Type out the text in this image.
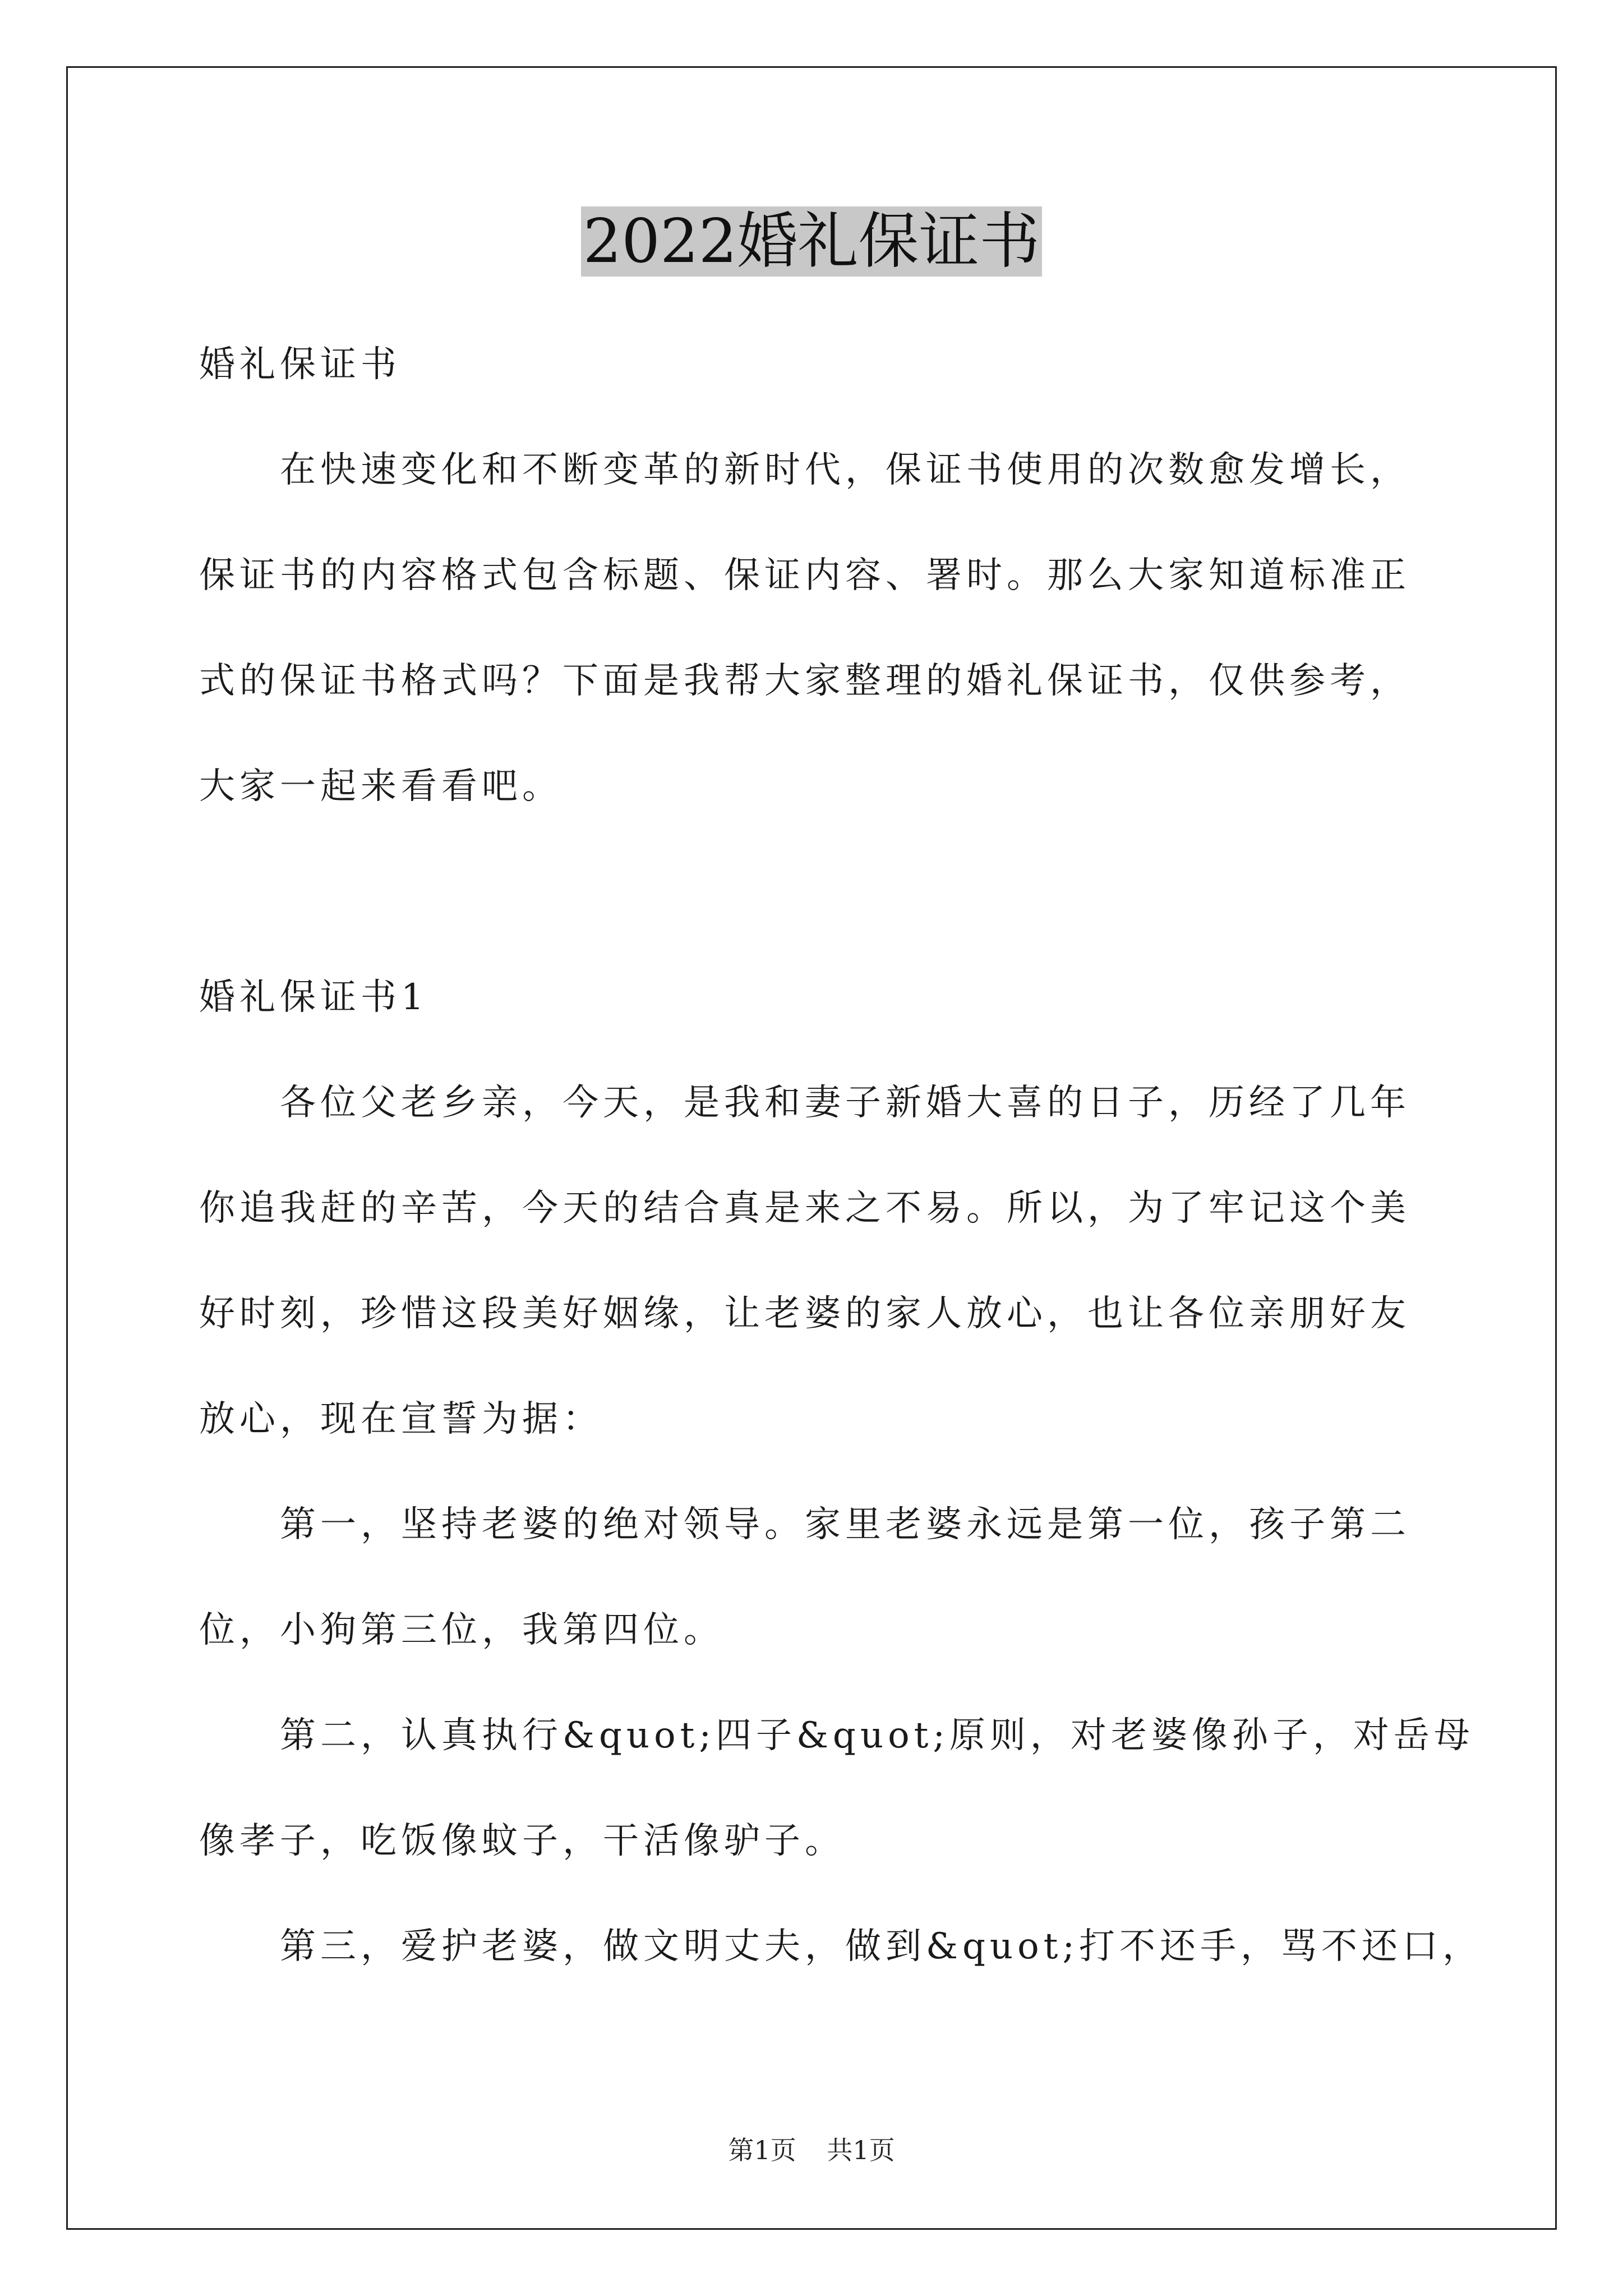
2022婚礼保证书
婚礼保证书
　　在快速变化和不断变革的新时代，保证书使用的次数愈发增长，
保证书的内容格式包含标题、保证内容、署时。那么大家知道标准正
式的保证书格式吗？下面是我帮大家整理的婚礼保证书，仅供参考，
大家一起来看看吧。
婚礼保证书1
　　各位父老乡亲，今天，是我和妻子新婚大喜的日子，历经了几年
你追我赶的辛苦，今天的结合真是来之不易。所以，为了牢记这个美
好时刻，珍惜这段美好姻缘，让老婆的家人放心，也让各位亲朋好友
放心，现在宣誓为据：
　　第一，坚持老婆的绝对领导。家里老婆永远是第一位，孩子第二
位，小狗第三位，我第四位。
　　第二，认真执行&quot;四子&quot;原则，对老婆像孙子，对岳母
像孝子，吃饭像蚊子，干活像驴子。
　　第三，爱护老婆，做文明丈夫，做到&quot;打不还手，骂不还口，
第1页 共1页
